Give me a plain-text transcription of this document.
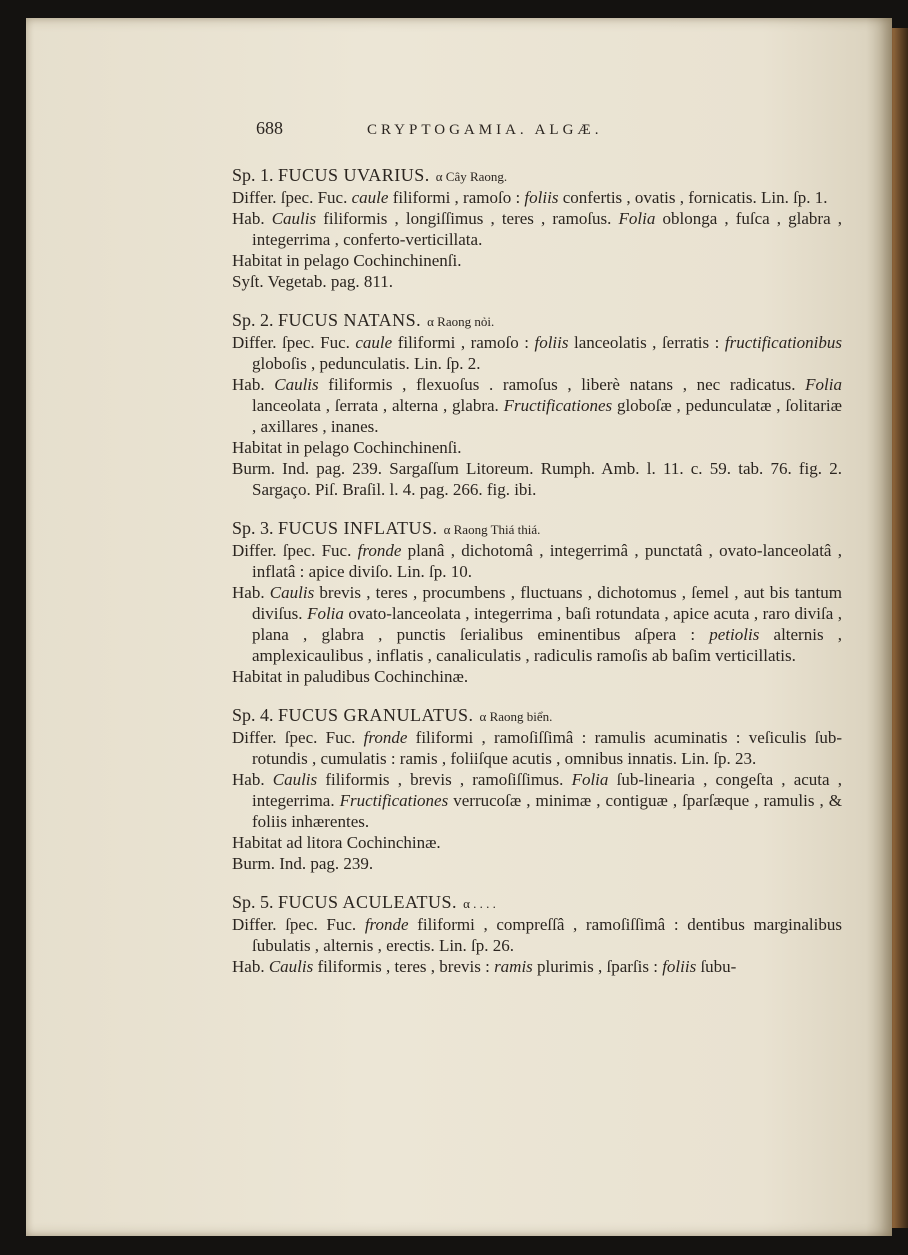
688	CRYPTOGAMIA. ALGÆ.

Sp. 1. FUCUS UVARIUS. α Cây Raong.

Differ. ſpec. Fuc. caule filiformi , ramoſo : foliis confertis , ovatis , fornicatis. Lin. ſp. 1.

Hab. Caulis filiformis , longiſſimus , teres , ramoſus. Folia oblonga , fuſca , glabra , integerrima , conferto-verticillata.

Habitat in pelago Cochinchinenſi.

Syſt. Vegetab. pag. 811.

Sp. 2. FUCUS NATANS. α Raong nỏi.

Differ. ſpec. Fuc. caule filiformi , ramoſo : foliis lanceolatis , ſerratis : fructificationibus globoſis , pedunculatis. Lin. ſp. 2.

Hab. Caulis filiformis , flexuoſus . ramoſus , liberè natans , nec radicatus. Folia lanceolata , ſerrata , alterna , glabra. Fructificationes globoſæ , pedunculatæ , ſolitariæ , axillares , inanes.

Habitat in pelago Cochinchinenſi.

Burm. Ind. pag. 239. Sargaſſum Litoreum. Rumph. Amb. l. 11. c. 59. tab. 76. fig. 2. Sargaço. Piſ. Braſil. l. 4. pag. 266. fig. ibi.

Sp. 3. FUCUS INFLATUS. α Raong Thiá thiá.

Differ. ſpec. Fuc. fronde planâ , dichotomâ , integerrimâ , punctatâ , ovato-lanceolatâ , inflatâ : apice diviſo. Lin. ſp. 10.

Hab. Caulis brevis , teres , procumbens , fluctuans , dichotomus , ſemel , aut bis tantum diviſus. Folia ovato-lanceolata , integerrima , baſi rotundata , apice acuta , raro diviſa , plana , glabra , punctis ſerialibus eminentibus aſpera : petiolis alternis , amplexicaulibus , inflatis , canaliculatis , radiculis ramoſis ab baſim verticillatis.

Habitat in paludibus Cochinchinæ.

Sp. 4. FUCUS GRANULATUS. α Raong biển.

Differ. ſpec. Fuc. fronde filiformi , ramoſiſſimâ : ramulis acuminatis : veſiculis ſub-rotundis , cumulatis : ramis , foliiſque acutis , omnibus innatis. Lin. ſp. 23.

Hab. Caulis filiformis , brevis , ramoſiſſimus. Folia ſub-linearia , congeſta , acuta , integerrima. Fructificationes verrucoſæ , minimæ , contiguæ , ſparſæque , ramulis , & foliis inhærentes.

Habitat ad litora Cochinchinæ.

Burm. Ind. pag. 239.

Sp. 5. FUCUS ACULEATUS. α . . . .

Differ. ſpec. Fuc. fronde filiformi , compreſſâ , ramoſiſſimâ : dentibus marginalibus ſubulatis , alternis , erectis. Lin. ſp. 26.

Hab. Caulis filiformis , teres , brevis : ramis plurimis , ſparſis : foliis ſubu-
